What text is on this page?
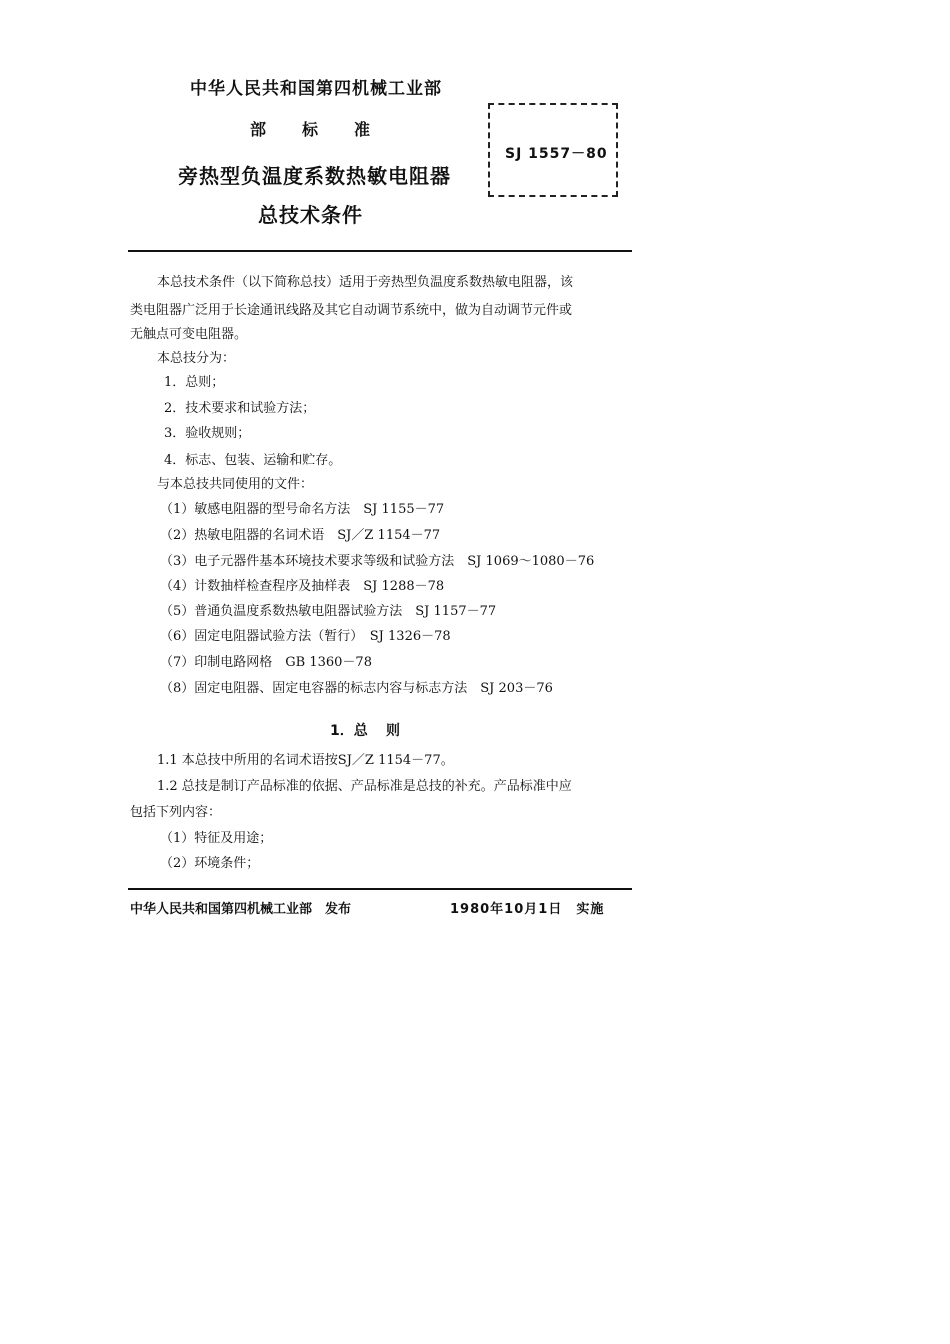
中华人民共和国第四机械工业部
部 标 准
SJ 1557－80
旁热型负温度系数热敏电阻器
总技术条件
本总技术条件（以下简称总技）适用于旁热型负温度系数热敏电阻器，该
类电阻器广泛用于长途通讯线路及其它自动调节系统中，做为自动调节元件或
无触点可变电阻器。
本总技分为：
1．总则；
2．技术要求和试验方法；
3．验收规则；
4．标志、包装、运输和贮存。
与本总技共同使用的文件：
（1）敏感电阻器的型号命名方法　SJ 1155－77
（2）热敏电阻器的名词术语　SJ／Z 1154－77
（3）电子元器件基本环境技术要求等级和试验方法　SJ 1069～1080－76
（4）计数抽样检查程序及抽样表　SJ 1288－78
（5）普通负温度系数热敏电阻器试验方法　SJ 1157－77
（6）固定电阻器试验方法（暂行）　SJ 1326－78
（7）印制电路网格　GB 1360－78
（8）固定电阻器、固定电容器的标志内容与标志方法　SJ 203－76
1．总 则
1.1 本总技中所用的名词术语按SJ／Z 1154－77。
1.2 总技是制订产品标准的依据、产品标准是总技的补充。产品标准中应
包括下列内容：
（1）特征及用途；
（2）环境条件；
中华人民共和国第四机械工业部　发布	1980年10月1日　实施
